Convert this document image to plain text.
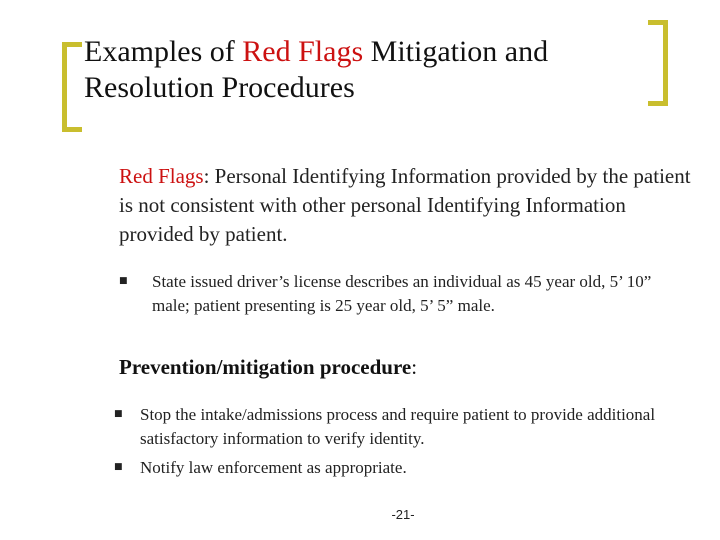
Examples of Red Flags Mitigation and Resolution Procedures
Red Flags: Personal Identifying Information provided by the patient is not consistent with other personal Identifying Information provided by patient.
■ State issued driver’s license describes an individual as 45 year old, 5’ 10” male; patient presenting is 25 year old, 5’ 5” male.
Prevention/mitigation procedure:
■ Stop the intake/admissions process and require patient to provide additional satisfactory information to verify identity.
■ Notify law enforcement as appropriate.
-21-
